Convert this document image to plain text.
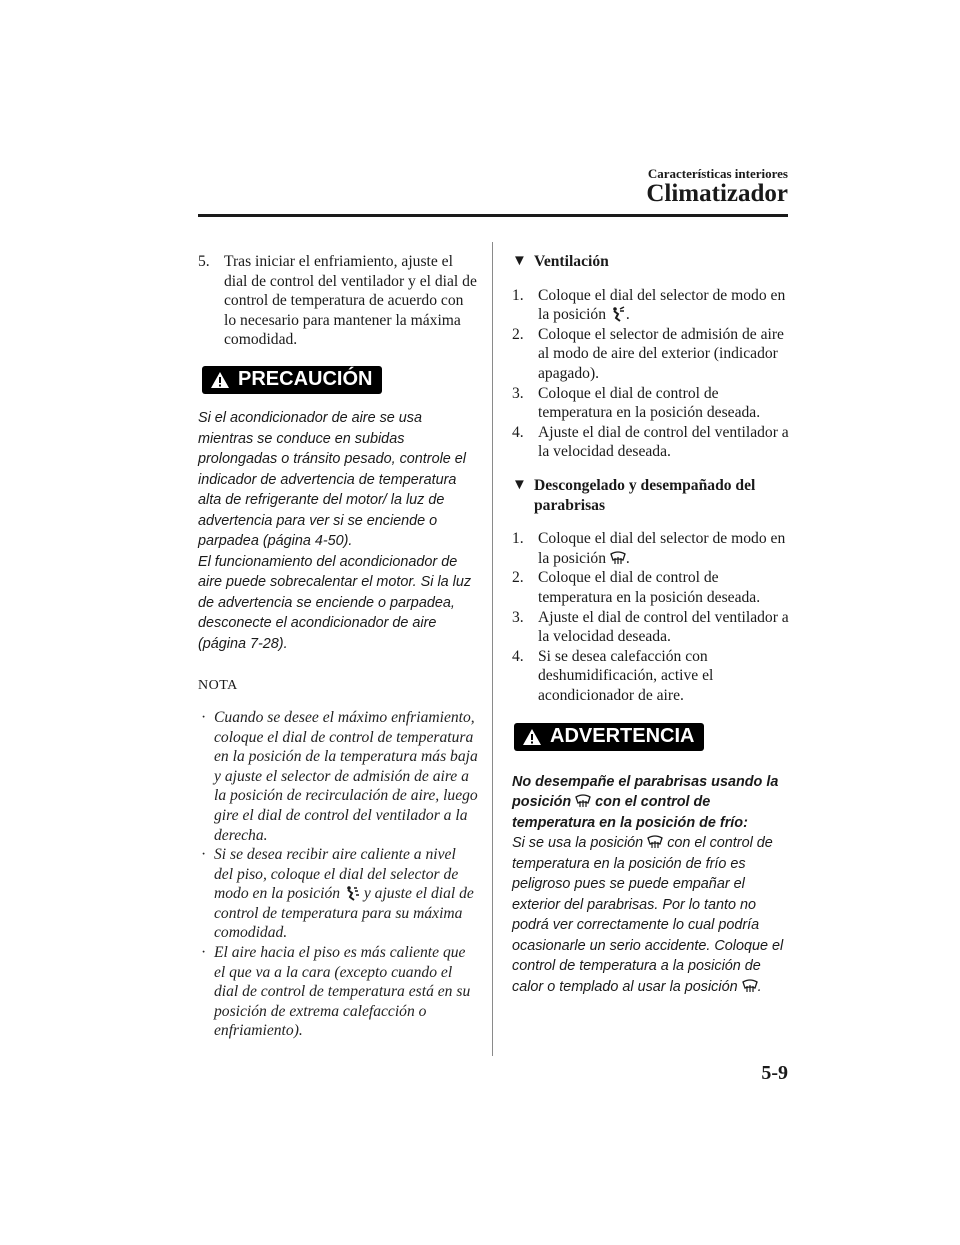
Características interiores
Climatizador
5. Tras iniciar el enfriamiento, ajuste el dial de control del ventilador y el dial de control de temperatura de acuerdo con lo necesario para mantener la máxima comodidad.
PRECAUCIÓN
Si el acondicionador de aire se usa mientras se conduce en subidas prolongadas o tránsito pesado, controle el indicador de advertencia de temperatura alta de refrigerante del motor/ la luz de advertencia para ver si se enciende o parpadea (página 4-50).
El funcionamiento del acondicionador de aire puede sobrecalentar el motor. Si la luz de advertencia se enciende o parpadea, desconecte el acondicionador de aire (página 7-28).
NOTA
· Cuando se desee el máximo enfriamiento, coloque el dial de control de temperatura en la posición de la temperatura más baja y ajuste el selector de admisión de aire a la posición de recirculación de aire, luego gire el dial de control del ventilador a la derecha.
· Si se desea recibir aire caliente a nivel del piso, coloque el dial del selector de modo en la posición y ajuste el dial de control de temperatura para su máxima comodidad.
· El aire hacia el piso es más caliente que el que va a la cara (excepto cuando el dial de control de temperatura está en su posición de extrema calefacción o enfriamiento).
▼ Ventilación
1. Coloque el dial del selector de modo en la posición .
2. Coloque el selector de admisión de aire al modo de aire del exterior (indicador apagado).
3. Coloque el dial de control de temperatura en la posición deseada.
4. Ajuste el dial de control del ventilador a la velocidad deseada.
▼ Descongelado y desempañado del parabrisas
1. Coloque el dial del selector de modo en la posición .
2. Coloque el dial de control de temperatura en la posición deseada.
3. Ajuste el dial de control del ventilador a la velocidad deseada.
4. Si se desea calefacción con deshumidificación, active el acondicionador de aire.
ADVERTENCIA
No desempañe el parabrisas usando la posición con el control de temperatura en la posición de frío:
Si se usa la posición con el control de temperatura en la posición de frío es peligroso pues se puede empañar el exterior del parabrisas. Por lo tanto no podrá ver correctamente lo cual podría ocasionarle un serio accidente. Coloque el control de temperatura a la posición de calor o templado al usar la posición .
5-9
